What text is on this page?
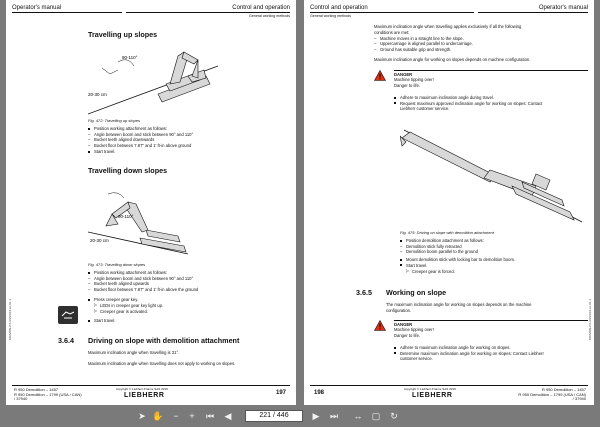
Operator's manual	Control and operation
General working methods
Travelling up slopes
90-110°
20-30 cm
Fig. 472: Travelling up slopes
Position working attachment as follows:
– Angle between boom and stick between 90° and 110°
– Bucket teeth aligned downwards
– Bucket floor between 7.87" and 1' ft-in above ground
Start travel.
Travelling down slopes
90-110°
20-30 cm
Fig. 473: Travelling down slopes
Position working attachment as follows:
– Angle between boom and stick between 90° and 110°
– Bucket teeth aligned upwards
– Bucket floor between 7.87" and 1' ft-in above the ground
Press creeper gear key.
▷ LEDs in creeper gear key light up.
▷ Creeper gear is activated.
Start travel.
3.6.4 Driving on slope with demolition attachment
Maximum inclination angle when travelling is 31°.
Maximum inclination angle when travelling does not apply to working on slopes.
MSS/009-PZ-ASS/019-en-01.1
R 950 Demolition – 1457
R 950 Demolition – 1799 (USA / CAN)
/ 37940
copyright © Liebherr-France SAS 2019
LIEBHERR	197
Control and operation	Operator's manual
General working methods
Maximum inclination angle when travelling applies exclusively if all the following
conditions are met:
– Machine moves in a straight line to the slope.
– Uppercarriage is aligned parallel to undercarriage.
– Ground has suitable grip and strength.
Maximum inclination angle for working on slopes depends on machine configuration.
DANGER
Machine tipping over!
Danger to life.
Adhere to maximum inclination angle during travel.
Request maximum approved inclination angle for working on slopes: Contact
Liebherr customer service.
Fig. 475: Driving on slope with demolition attachment
Position demolition attachment as follows:
– Demolition stick fully retracted
– Demolition boom parallel to the ground
Mount demolition stick with locking bar to demolition boom.
Start travel.
▷ Creeper gear is forced.
3.6.5 Working on slope
The maximum inclination angle for working on slopes depends on the machine
configuration.
DANGER
Machine tipping over!
Danger to life.
Adhere to maximum inclination angle for working on slopes.
Determine maximum inclination angle for working on slopes: Contact Liebherr
customer service.
MSS/009-PZ-ASS/019-en-01.1
198
copyright © Liebherr-France SAS 2019
LIEBHERR
R 950 Demolition – 1457
R 950 Demolition – 1799 (USA / CAN)
/ 37940
➤ ✋	−	+	⏮ ◀	221 / 446	▶ ⏭ ↔ ▢ ↻
